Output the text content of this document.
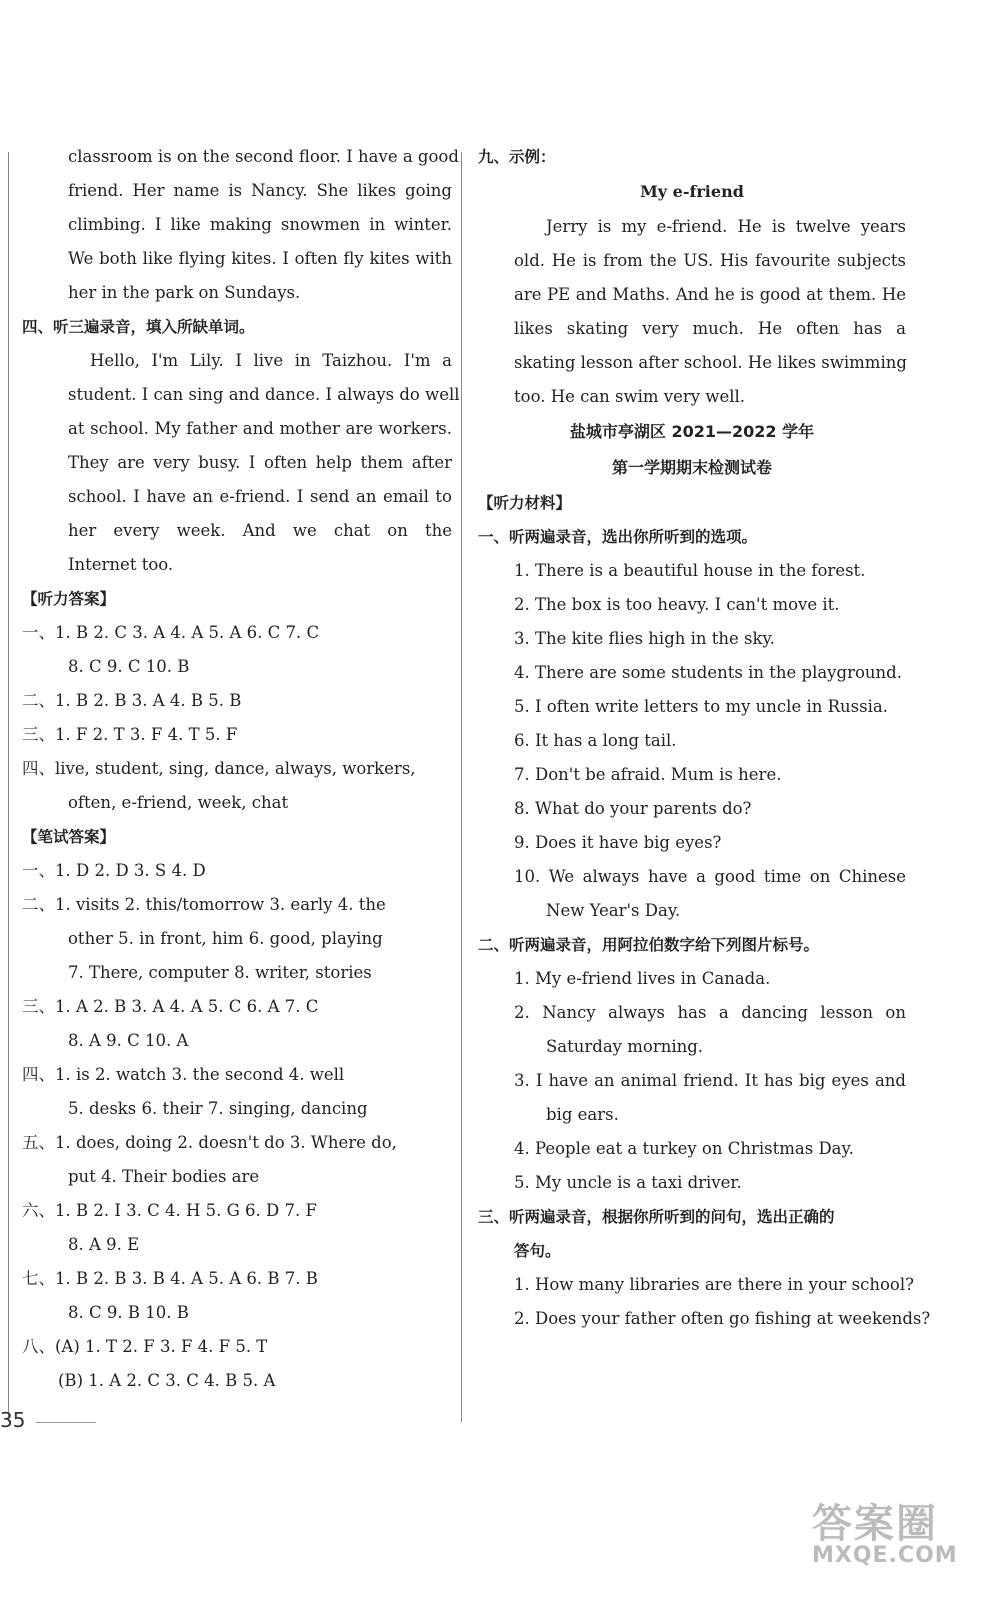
classroom is on the second floor. I have a good
friend. Her name is Nancy. She likes going
climbing. I like making snowmen in winter.
We both like flying kites. I often fly kites with
her in the park on Sundays.
四、听三遍录音，填入所缺单词。
Hello, I'm Lily. I live in Taizhou. I'm a
student. I can sing and dance. I always do well
at school. My father and mother are workers.
They are very busy. I often help them after
school. I have an e-friend. I send an email to
her every week. And we chat on the
Internet too.
【听力答案】
一、1. B 2. C 3. A 4. A 5. A 6. C 7. C
8. C 9. C 10. B
二、1. B 2. B 3. A 4. B 5. B
三、1. F 2. T 3. F 4. T 5. F
四、live, student, sing, dance, always, workers,
often, e-friend, week, chat
【笔试答案】
一、1. D 2. D 3. S 4. D
二、1. visits 2. this/tomorrow 3. early 4. the
other 5. in front, him 6. good, playing
7. There, computer 8. writer, stories
三、1. A 2. B 3. A 4. A 5. C 6. A 7. C
8. A 9. C 10. A
四、1. is 2. watch 3. the second 4. well
5. desks 6. their 7. singing, dancing
五、1. does, doing 2. doesn't do 3. Where do,
put 4. Their bodies are
六、1. B 2. I 3. C 4. H 5. G 6. D 7. F
8. A 9. E
七、1. B 2. B 3. B 4. A 5. A 6. B 7. B
8. C 9. B 10. B
八、(A) 1. T 2. F 3. F 4. F 5. T
(B) 1. A 2. C 3. C 4. B 5. A
九、示例：
My e-friend
Jerry is my e-friend. He is twelve years
old. He is from the US. His favourite subjects
are PE and Maths. And he is good at them. He
likes skating very much. He often has a
skating lesson after school. He likes swimming
too. He can swim very well.
盐城市亭湖区 2021—2022 学年
第一学期期末检测试卷
【听力材料】
一、听两遍录音，选出你所听到的选项。
1. There is a beautiful house in the forest.
2. The box is too heavy. I can't move it.
3. The kite flies high in the sky.
4. There are some students in the playground.
5. I often write letters to my uncle in Russia.
6. It has a long tail.
7. Don't be afraid. Mum is here.
8. What do your parents do?
9. Does it have big eyes?
10. We always have a good time on Chinese
New Year's Day.
二、听两遍录音，用阿拉伯数字给下列图片标号。
1. My e-friend lives in Canada.
2. Nancy always has a dancing lesson on
Saturday morning.
3. I have an animal friend. It has big eyes and
big ears.
4. People eat a turkey on Christmas Day.
5. My uncle is a taxi driver.
三、听两遍录音，根据你所听到的问句，选出正确的
答句。
1. How many libraries are there in your school?
2. Does your father often go fishing at weekends?
35
答案圈
MXQE.COM
